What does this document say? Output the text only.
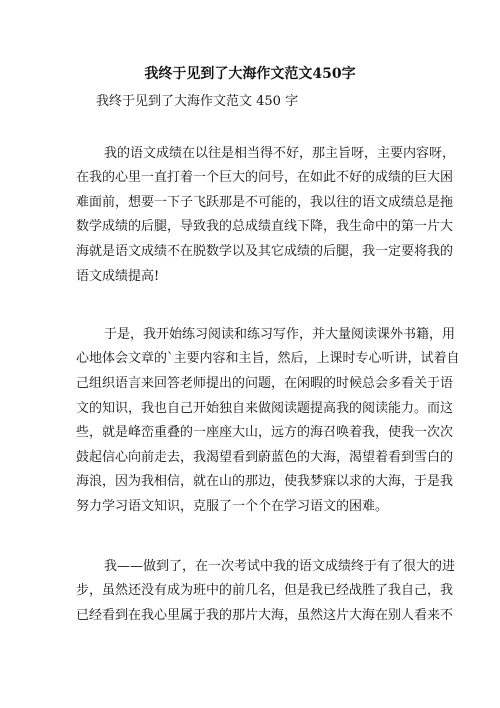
我终于见到了大海作文范文450字
我终于见到了大海作文范文 450 字
我的语文成绩在以往是相当得不好，那主旨呀，主要内容呀，
在我的心里一直打着一个巨大的问号，在如此不好的成绩的巨大困
难面前，想要一下子飞跃那是不可能的，我以往的语文成绩总是拖
数学成绩的后腿，导致我的总成绩直线下降，我生命中的第一片大
海就是语文成绩不在脱数学以及其它成绩的后腿，我一定要将我的
语文成绩提高!
于是，我开始练习阅读和练习写作，并大量阅读课外书籍，用
心地体会文章的`主要内容和主旨，然后，上课时专心听讲，试着自
己组织语言来回答老师提出的问题，在闲暇的时候总会多看关于语
文的知识，我也自己开始独自来做阅读题提高我的阅读能力。而这
些，就是峰峦重叠的一座座大山，远方的海召唤着我，使我一次次
鼓起信心向前走去，我渴望看到蔚蓝色的大海，渴望着看到雪白的
海浪，因为我相信，就在山的那边，使我梦寐以求的大海，于是我
努力学习语文知识，克服了一个个在学习语文的困难。
我——做到了，在一次考试中我的语文成绩终于有了很大的进
步，虽然还没有成为班中的前几名，但是我已经战胜了我自己，我
已经看到在我心里属于我的那片大海，虽然这片大海在别人看来不
